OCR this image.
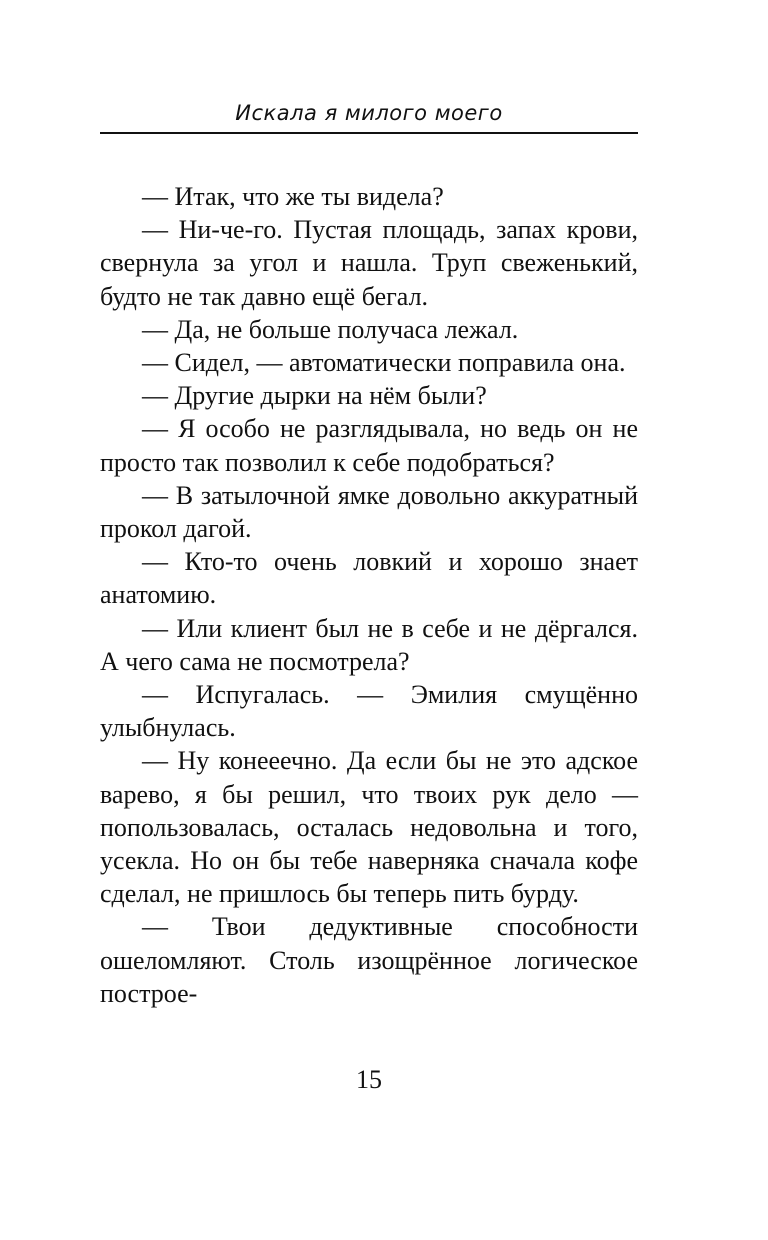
Искала я милого моего

— Итак, что же ты видела?

— Ни-че-го. Пустая площадь, запах крови, свернула за угол и нашла. Труп свеженький, будто не так давно ещё бегал.

— Да, не больше получаса лежал.

— Сидел, — автоматически поправила она.

— Другие дырки на нём были?

— Я особо не разглядывала, но ведь он не просто так позволил к себе подобраться?

— В затылочной ямке довольно аккуратный прокол дагой.

— Кто-то очень ловкий и хорошо знает анатомию.

— Или клиент был не в себе и не дёргался. А чего сама не посмотрела?

— Испугалась. — Эмилия смущённо улыбнулась.

— Ну конееечно. Да если бы не это адское варево, я бы решил, что твоих рук дело — попользовалась, осталась недовольна и того, усекла. Но он бы тебе наверняка сначала кофе сделал, не пришлось бы теперь пить бурду.

— Твои дедуктивные способности ошеломляют. Столь изощрённое логическое построе-

15
